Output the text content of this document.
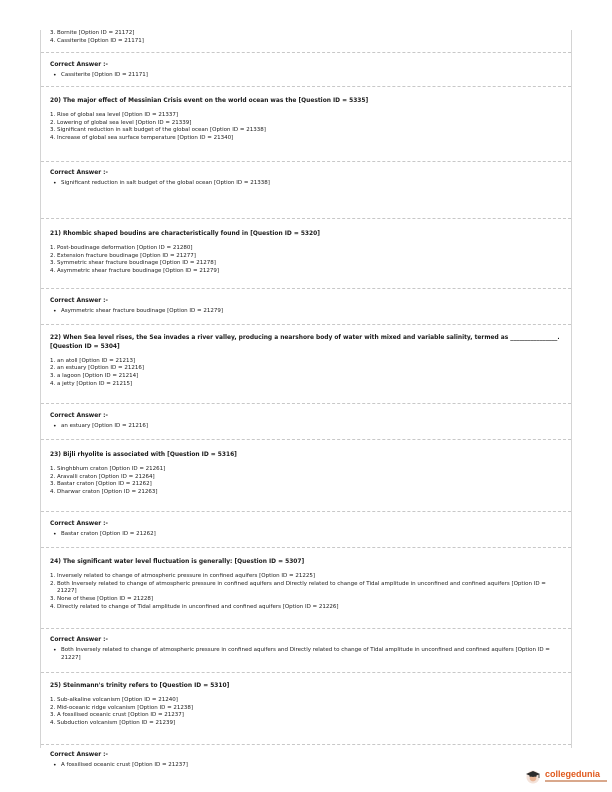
3. Bornite [Option ID = 21172]
4. Cassiterite [Option ID = 21171]
Correct Answer :-
• Cassiterite [Option ID = 21171]
20) The major effect of Messinian Crisis event on the world ocean was the [Question ID = 5335]
1. Rise of global sea level [Option ID = 21337]
2. Lowering of global sea level [Option ID = 21339]
3. Significant reduction in salt budget of the global ocean [Option ID = 21338]
4. Increase of global sea surface temperature [Option ID = 21340]
Correct Answer :-
• Significant reduction in salt budget of the global ocean [Option ID = 21338]
21) Rhombic shaped boudins are characteristically found in [Question ID = 5320]
1. Post-boudinage deformation [Option ID = 21280]
2. Extension fracture boudinage [Option ID = 21277]
3. Symmetric shear fracture boudinage [Option ID = 21278]
4. Asymmetric shear fracture boudinage [Option ID = 21279]
Correct Answer :-
• Asymmetric shear fracture boudinage [Option ID = 21279]
22) When Sea level rises, the Sea invades a river valley, producing a nearshore body of water with mixed and variable salinity, termed as ________________. [Question ID = 5304]
1. an atoll [Option ID = 21213]
2. an estuary [Option ID = 21216]
3. a lagoon [Option ID = 21214]
4. a jetty [Option ID = 21215]
Correct Answer :-
• an estuary [Option ID = 21216]
23) Bijli rhyolite is associated with [Question ID = 5316]
1. Singhbhum craton [Option ID = 21261]
2. Aravalli craton [Option ID = 21264]
3. Bastar craton [Option ID = 21262]
4. Dharwar craton [Option ID = 21263]
Correct Answer :-
• Bastar craton [Option ID = 21262]
24) The significant water level fluctuation is generally: [Question ID = 5307]
1. Inversely related to change of atmospheric pressure in confined aquifers [Option ID = 21225]
2. Both Inversely related to change of atmospheric pressure in confined aquifers and Directly related to change of Tidal amplitude in unconfined and confined aquifers [Option ID = 21227]
3. None of these [Option ID = 21228]
4. Directly related to change of Tidal amplitude in unconfined and confined aquifers [Option ID = 21226]
Correct Answer :-
• Both Inversely related to change of atmospheric pressure in confined aquifers and Directly related to change of Tidal amplitude in unconfined and confined aquifers [Option ID = 21227]
25) Steinmann's trinity refers to [Question ID = 5310]
1. Sub-alkaline volcanism [Option ID = 21240]
2. Mid-oceanic ridge volcanism [Option ID = 21238]
3. A fossilised oceanic crust [Option ID = 21237]
4. Subduction volcanism [Option ID = 21239]
Correct Answer :-
• A fossilised oceanic crust [Option ID = 21237]
collegedunia
